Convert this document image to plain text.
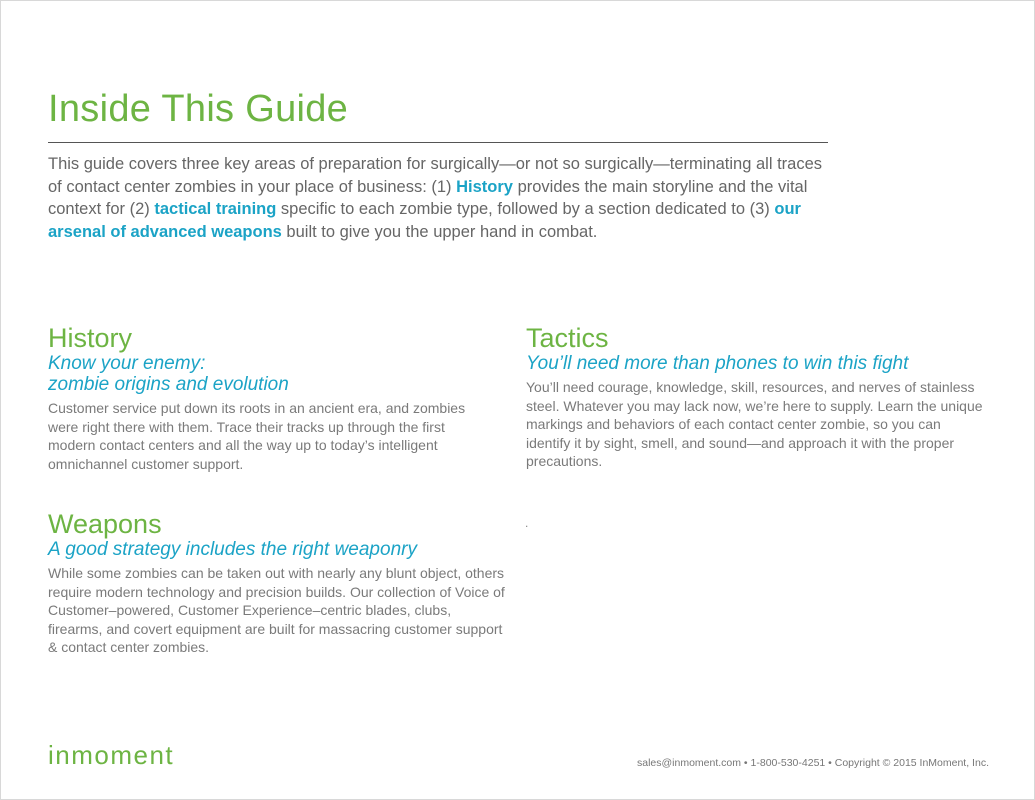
Inside This Guide

This guide covers three key areas of preparation for surgically—or not so surgically—terminating all traces of contact center zombies in your place of business: (1) History provides the main storyline and the vital context for (2) tactical training specific to each zombie type, followed by a section dedicated to (3) our arsenal of advanced weapons built to give you the upper hand in combat.

History

Know your enemy:
zombie origins and evolution

Customer service put down its roots in an ancient era, and zombies were right there with them. Trace their tracks up through the first modern contact centers and all the way up to today’s intelligent omnichannel customer support.

Tactics

You’ll need more than phones to win this fight

You’ll need courage, knowledge, skill, resources, and nerves of stainless steel. Whatever you may lack now, we’re here to supply. Learn the unique markings and behaviors of each contact center zombie, so you can identify it by sight, smell, and sound—and approach it with the proper precautions.

.
Weapons

A good strategy includes the right weaponry

While some zombies can be taken out with nearly any blunt object, others require modern technology and precision builds. Our collection of Voice of Customer–powered, Customer Experience–centric blades, clubs, firearms, and covert equipment are built for massacring customer support & contact center zombies.

inmoment	sales@inmoment.com • 1-800-530-4251 • Copyright © 2015 InMoment, Inc.
